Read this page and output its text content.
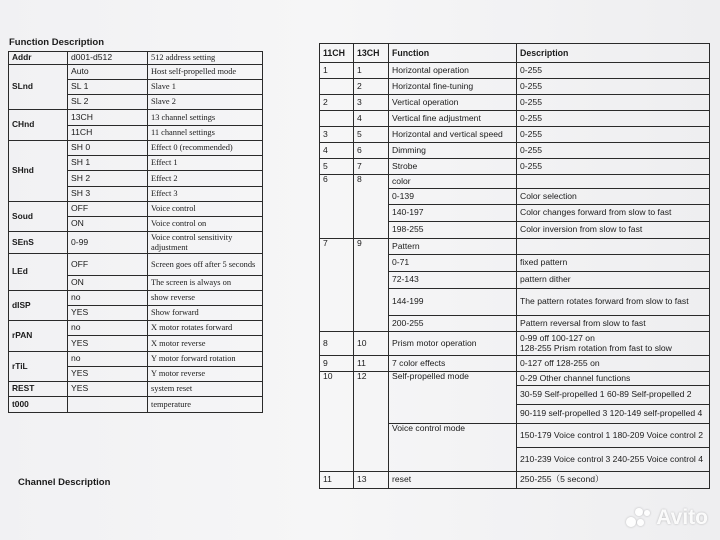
Function Description
Addr	d001-d512	512 address setting
SLnd	Auto	Host self-propelled mode
	SL 1	Slave 1
	SL 2	Slave 2
CHnd	13CH	13 channel settings
	11CH	11 channel settings
SHnd	SH 0	Effect 0 (recommended)
	SH 1	Effect 1
	SH 2	Effect 2
	SH 3	Effect 3
Soud	OFF	Voice control
	ON	Voice control on
SEnS	0-99	Voice control sensitivity adjustment
LEd	OFF	Screen goes off after 5 seconds
	ON	The screen is always on
dISP	no	show reverse
	YES	Show forward
rPAN	no	X motor rotates forward
	YES	X motor reverse
rTiL	no	Y motor forward rotation
	YES	Y motor reverse
REST	YES	system reset
t000		temperature
Channel Description
11CH	13CH	Function	Description
1	1	Horizontal operation	0-255
	2	Horizontal fine-tuning	0-255
2	3	Vertical operation	0-255
	4	Vertical fine adjustment	0-255
3	5	Horizontal and vertical speed	0-255
4	6	Dimming	0-255
5	7	Strobe	0-255
6	8	color	
		0-139	Color selection
		140-197	Color changes forward from slow to fast
		198-255	Color inversion from slow to fast
7	9	Pattern	
		0-71	fixed pattern
		72-143	pattern dither
		144-199	The pattern rotates forward from slow to fast
		200-255	Pattern reversal from slow to fast
8	10	Prism motor operation	0-99 off 100-127 on
128-255 Prism rotation from fast to slow
9	11	7 color effects	0-127 off 128-255 on
10	12	Self-propelled mode	0-29 Other channel functions
			30-59 Self-propelled 1 60-89 Self-propelled 2
			90-119 self-propelled 3 120-149 self-propelled 4
		Voice control mode	150-179 Voice control 1 180-209 Voice control 2
			210-239 Voice control 3 240-255 Voice control 4
11	13	reset	250-255（5 second）
Avito
